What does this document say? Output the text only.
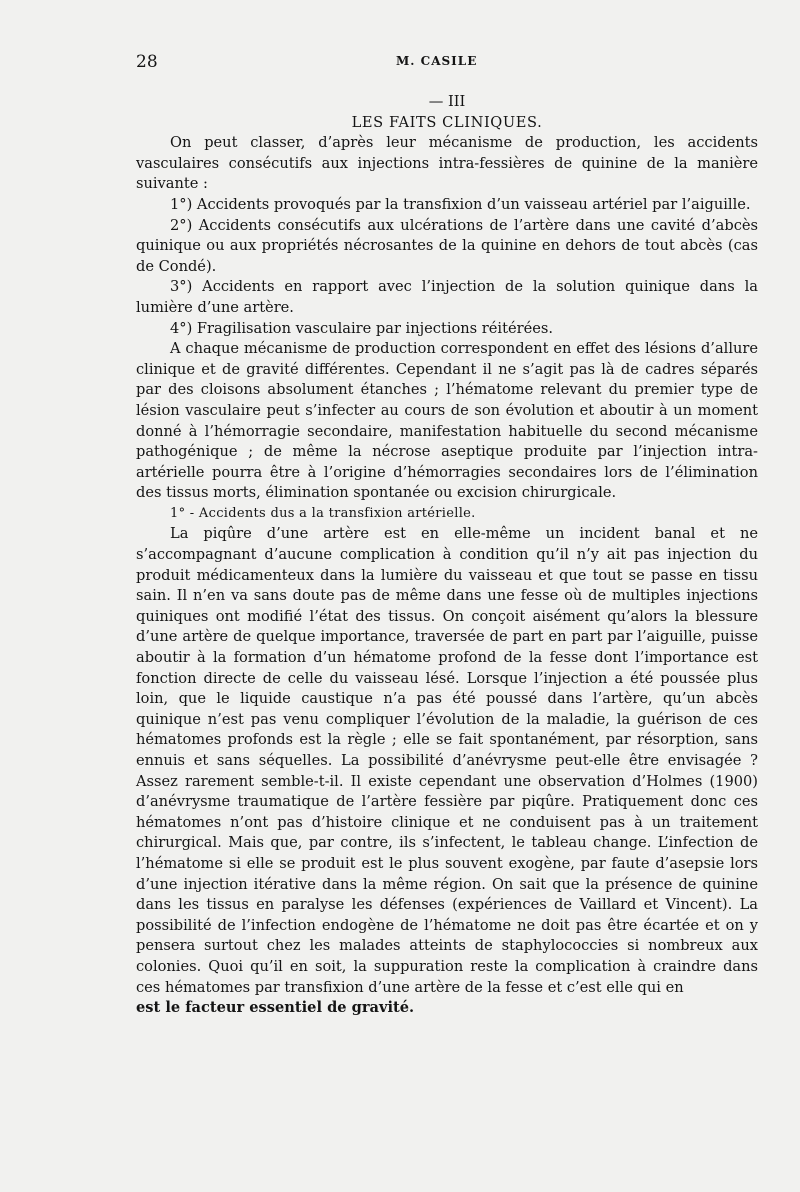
28	M. CASILE

— III

LES FAITS CLINIQUES.

On peut classer, d’après leur mécanisme de production, les accidents vasculaires consécutifs aux injections intra-fessières de quinine de la manière suivante :

1°) Accidents provoqués par la transfixion d’un vaisseau artériel par l’aiguille.

2°) Accidents consécutifs aux ulcérations de l’artère dans une cavité d’abcès quinique ou aux propriétés nécrosantes de la quinine en dehors de tout abcès (cas de Condé).

3°) Accidents en rapport avec l’injection de la solution quinique dans la lumière d’une artère.

4°) Fragilisation vasculaire par injections réitérées.

A chaque mécanisme de production correspondent en effet des lésions d’allure clinique et de gravité différentes. Cependant il ne s’agit pas là de cadres séparés par des cloisons absolument étanches ; l’hématome relevant du premier type de lésion vasculaire peut s’infecter au cours de son évolution et aboutir à un moment donné à l’hémorragie secondaire, manifestation habituelle du second mécanisme pathogénique ; de même la nécrose aseptique produite par l’injection intra-artérielle pourra être à l’origine d’hémorragies secondaires lors de l’élimination des tissus morts, élimination spontanée ou excision chirurgicale.

1° - Accidents dus a la transfixion artérielle.

La piqûre d’une artère est en elle-même un incident banal et ne s’accompagnant d’aucune complication à condition qu’il n’y ait pas injection du produit médicamenteux dans la lumière du vaisseau et que tout se passe en tissu sain. Il n’en va sans doute pas de même dans une fesse où de multiples injections quiniques ont modifié l’état des tissus. On conçoit aisément qu’alors la blessure d’une artère de quelque importance, traversée de part en part par l’aiguille, puisse aboutir à la formation d’un hématome profond de la fesse dont l’importance est fonction directe de celle du vaisseau lésé. Lorsque l’injection a été poussée plus loin, que le liquide caustique n’a pas été poussé dans l’artère, qu’un abcès quinique n’est pas venu compliquer l’évolution de la maladie, la guérison de ces hématomes profonds est la règle ; elle se fait spontanément, par résorption, sans ennuis et sans séquelles. La possibilité d’anévrysme peut-elle être envisagée ? Assez rarement semble-t-il. Il existe cependant une observation d’Holmes (1900) d’anévrysme traumatique de l’artère fessière par piqûre. Pratiquement donc ces hématomes n’ont pas d’histoire clinique et ne conduisent pas à un traitement chirurgical. Mais que, par contre, ils s’infectent, le tableau change. L’infection de l’hématome si elle se produit est le plus souvent exogène, par faute d’asepsie lors d’une injection itérative dans la même région. On sait que la présence de quinine dans les tissus en paralyse les défenses (expériences de Vaillard et Vincent). La possibilité de l’infection endogène de l’hématome ne doit pas être écartée et on y pensera surtout chez les malades atteints de staphylococcies si nombreux aux colonies. Quoi qu’il en soit, la suppuration reste la complication à craindre dans ces hématomes par transfixion d’une artère de la fesse et c’est elle qui en

est le facteur essentiel de gravité.
